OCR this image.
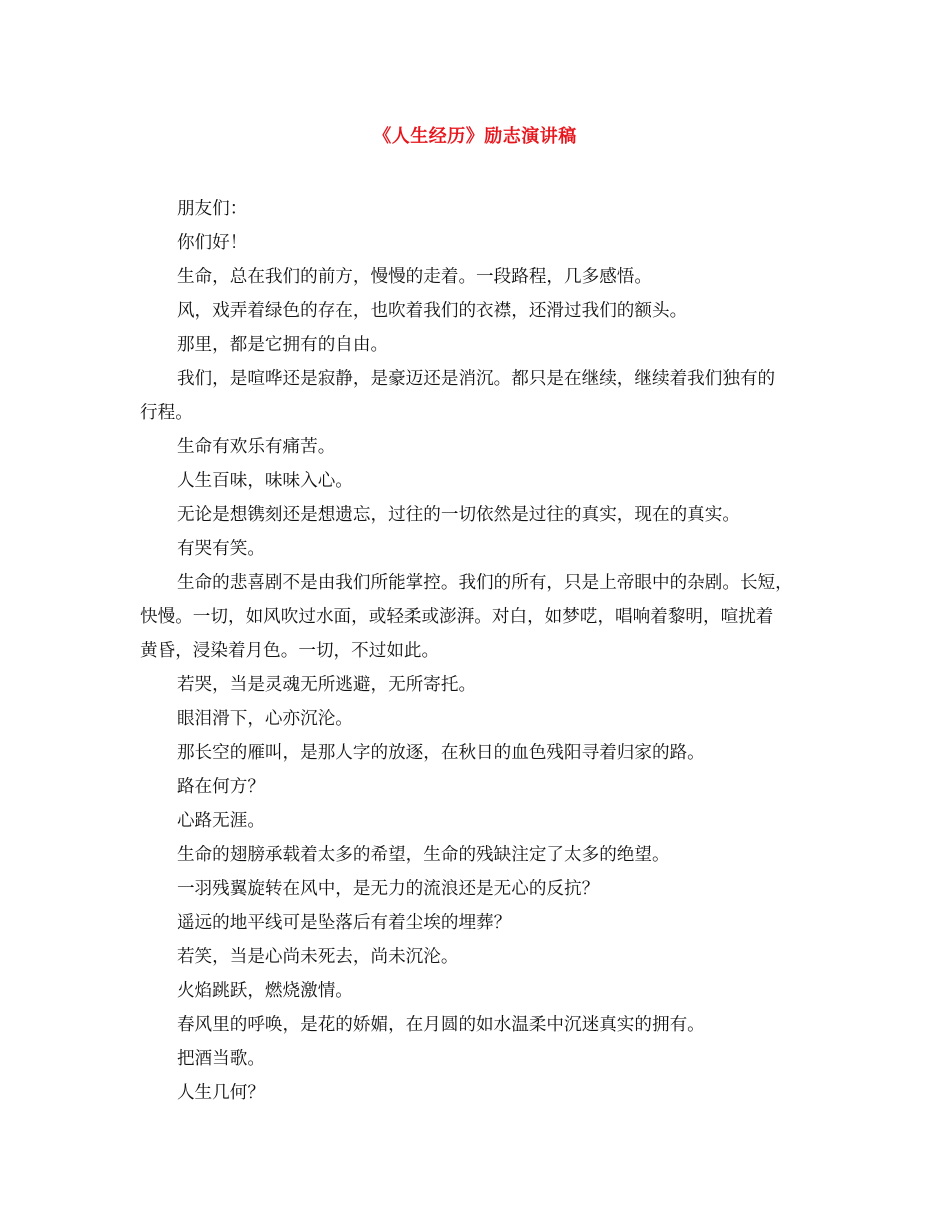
《人生经历》励志演讲稿

朋友们：

你们好！

生命，总在我们的前方，慢慢的走着。一段路程，几多感悟。

风，戏弄着绿色的存在，也吹着我们的衣襟，还滑过我们的额头。

那里，都是它拥有的自由。

我们，是喧哗还是寂静，是豪迈还是消沉。都只是在继续，继续着我们独有的

行程。

生命有欢乐有痛苦。

人生百味，味味入心。

无论是想镌刻还是想遗忘，过往的一切依然是过往的真实，现在的真实。

有哭有笑。

生命的悲喜剧不是由我们所能掌控。我们的所有，只是上帝眼中的杂剧。长短，

快慢。一切，如风吹过水面，或轻柔或澎湃。对白，如梦呓，唱响着黎明，喧扰着

黄昏，浸染着月色。一切，不过如此。

若哭，当是灵魂无所逃避，无所寄托。

眼泪滑下，心亦沉沦。

那长空的雁叫，是那人字的放逐，在秋日的血色残阳寻着归家的路。

路在何方？

心路无涯。

生命的翅膀承载着太多的希望，生命的残缺注定了太多的绝望。

一羽残翼旋转在风中，是无力的流浪还是无心的反抗？

遥远的地平线可是坠落后有着尘埃的埋葬？

若笑，当是心尚未死去，尚未沉沦。

火焰跳跃，燃烧激情。

春风里的呼唤，是花的娇媚，在月圆的如水温柔中沉迷真实的拥有。

把酒当歌。

人生几何？
